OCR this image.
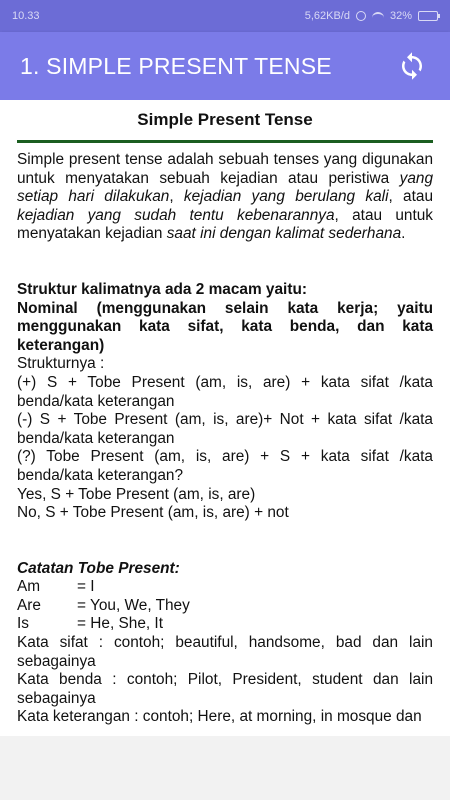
10.33	5,62KB/d	32%
1. SIMPLE PRESENT TENSE
Simple Present Tense

Simple present tense adalah sebuah tenses yang digunakan untuk menyatakan sebuah kejadian atau peristiwa yang setiap hari dilakukan, kejadian yang berulang kali, atau kejadian yang sudah tentu kebenarannya, atau untuk menyatakan kejadian saat ini dengan kalimat sederhana.

Struktur kalimatnya ada 2 macam yaitu:

Nominal (menggunakan selain kata kerja; yaitu menggunakan kata sifat, kata benda, dan kata keterangan)

Strukturnya :

(+) S + Tobe Present (am, is, are) + kata sifat /kata benda/kata keterangan

(-) S + Tobe Present (am, is, are)+ Not + kata sifat /kata benda/kata keterangan

(?) Tobe Present (am, is, are) + S + kata sifat /kata benda/kata keterangan?

Yes, S + Tobe Present (am, is, are)

No, S + Tobe Present (am, is, are) + not

Catatan Tobe Present:

Am	= I
Are	= You, We, They
Is	= He, She, It

Kata sifat : contoh; beautiful, handsome, bad dan lain sebagainya

Kata benda : contoh; Pilot, President, student dan lain sebagainya

Kata keterangan : contoh; Here, at morning, in mosque dan
